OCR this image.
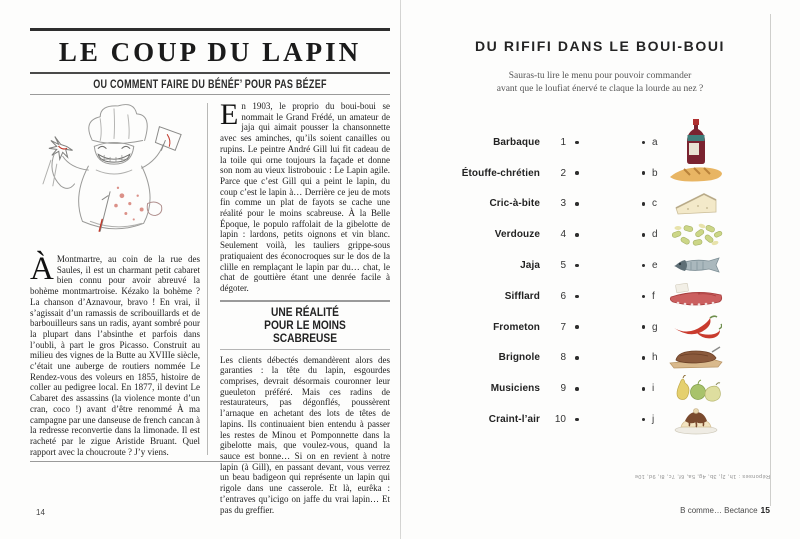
LE COUP DU LAPIN
OU COMMENT FAIRE DU BÉNÉF’ POUR PAS BÉZEF

À Montmartre, au coin de la rue des Saules, il est un charmant petit cabaret bien connu pour avoir abreuvé la bohème montmartroise. Kézako la bohème ? La chanson d’Aznavour, bravo ! En vrai, il s’agissait d’un ramassis de scribouillards et de barbouilleurs sans un radis, ayant sombré pour la plupart dans l’absinthe et parfois dans l’oubli, à part le gros Picasso. Construit au milieu des vignes de la Butte au XVIIIe siècle, c’était une auberge de routiers nommée Le Rendez-vous des voleurs en 1855, histoire de coller au pedigree local. En 1877, il devint Le Cabaret des assassins (la violence monte d’un cran, coco !) avant d’être renommé À ma campagne par une danseuse de french cancan à la redresse reconvertie dans la limonade. Il est racheté par le zigue Aristide Bruant. Quel rapport avec la choucroute ? J’y viens.

En 1903, le proprio du boui-boui se nommait le Grand Frédé, un amateur de jaja qui aimait pousser la chansonnette avec ses aminches, qu’ils soient canailles ou rupins. Le peintre André Gill lui fit cadeau de la toile qui orne toujours la façade et donne son nom au vieux listrobouic : Le Lapin agile. Parce que c’est Gill qui a peint le lapin, du coup c’est le lapin à… Derrière ce jeu de mots fin comme un plat de fayots se cache une réalité pour le moins scabreuse. À la Belle Époque, le populo raffolait de la gibelotte de lapin : lardons, petits oignons et vin blanc. Seulement voilà, les tauliers grippe-sous pratiquaient des éconocroques sur le dos de la clille en remplaçant le lapin par du… chat, le chat de gouttière étant une denrée facile à dégoter.

UNE RÉALITÉ
POUR LE MOINS SCABREUSE

Les clients débectés demandèrent alors des garanties : la tête du lapin, esgourdes comprises, devrait désormais couronner leur gueuleton préféré. Mais ces radins de restaurateurs, pas dégonflés, poussèrent l’arnaque en achetant des lots de têtes de lapins. Ils continuaient bien entendu à passer les restes de Minou et Pomponnette dans la gibelotte mais, que voulez-vous, quand la sauce est bonne… Si on en revient à notre lapin (à Gill), en passant devant, vous verrez un beau badigeon qui représente un lapin qui rigole dans une casserole. Et là, eurêka : t’entraves qu’icigo on jaffe du vrai lapin… Et pas du greffier.

14
DU RIFIFI DANS LE BOUI-BOUI
Sauras-tu lire le menu pour pouvoir commander
avant que le loufiat énervé te claque la lourde au nez ?
Barbaque	1	a
Étouffe-chrétien	2	b
Cric-à-bite	3	c
Verdouze	4	d
Jaja	5	e
Sifflard	6	f
Frometon	7	g
Brignole	8	h
Musiciens	9	i
Craint-l’air	10	j
Réponses : 1h, 2j, 3b, 4g, 5a, 6f, 7c, 8i, 9d, 10e
B comme… Bectance 15
